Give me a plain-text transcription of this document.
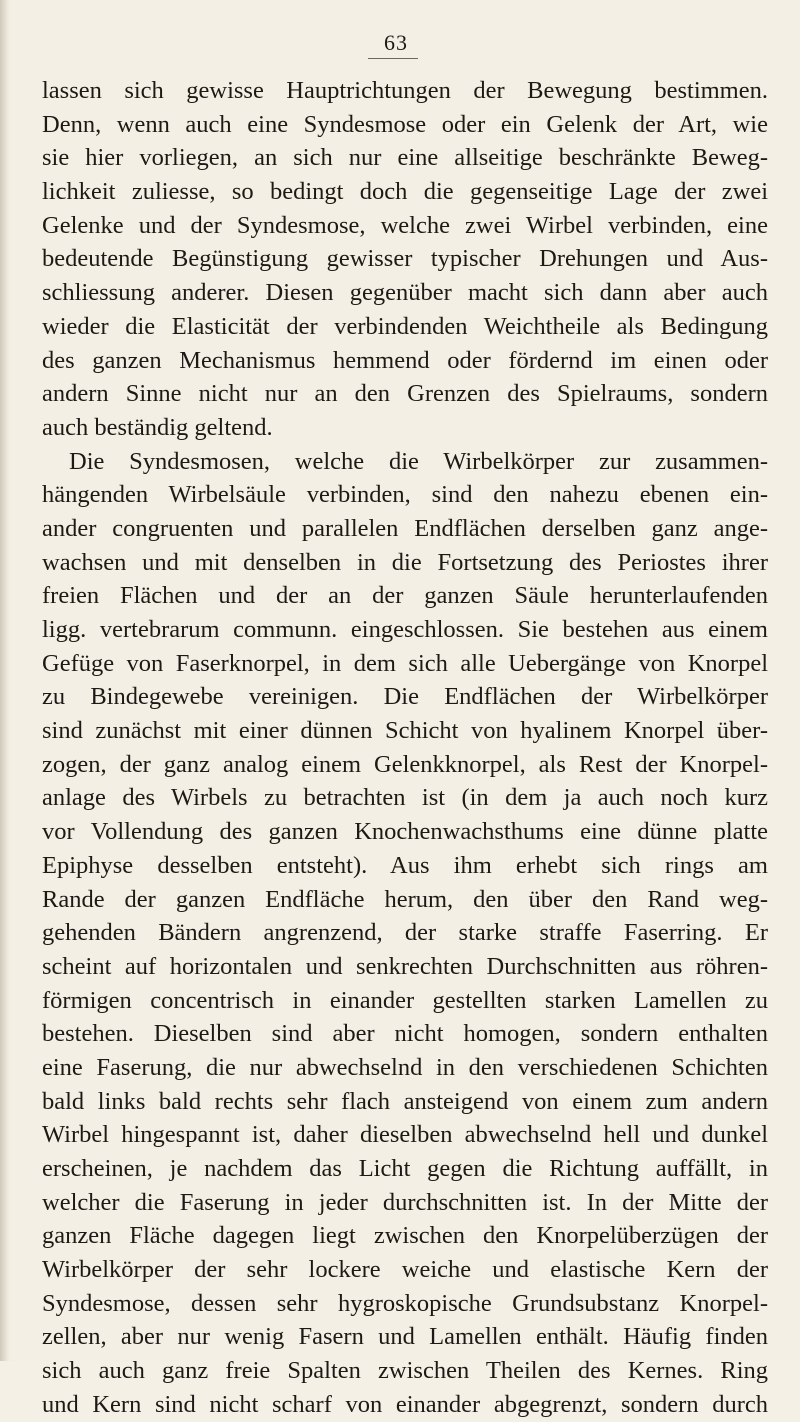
63
lassen sich gewisse Hauptrichtungen der Bewegung bestimmen.
Denn, wenn auch eine Syndesmose oder ein Gelenk der Art, wie
sie hier vorliegen, an sich nur eine allseitige beschränkte Beweg-
lichkeit zuliesse, so bedingt doch die gegenseitige Lage der zwei
Gelenke und der Syndesmose, welche zwei Wirbel verbinden, eine
bedeutende Begünstigung gewisser typischer Drehungen und Aus-
schliessung anderer. Diesen gegenüber macht sich dann aber auch
wieder die Elasticität der verbindenden Weichtheile als Bedingung
des ganzen Mechanismus hemmend oder fördernd im einen oder
andern Sinne nicht nur an den Grenzen des Spielraums, sondern
auch beständig geltend.
Die Syndesmosen, welche die Wirbelkörper zur zusammen-
hängenden Wirbelsäule verbinden, sind den nahezu ebenen ein-
ander congruenten und parallelen Endflächen derselben ganz ange-
wachsen und mit denselben in die Fortsetzung des Periostes ihrer
freien Flächen und der an der ganzen Säule herunterlaufenden
ligg. vertebrarum communn. eingeschlossen. Sie bestehen aus einem
Gefüge von Faserknorpel, in dem sich alle Uebergänge von Knorpel
zu Bindegewebe vereinigen. Die Endflächen der Wirbelkörper
sind zunächst mit einer dünnen Schicht von hyalinem Knorpel über-
zogen, der ganz analog einem Gelenkknorpel, als Rest der Knorpel-
anlage des Wirbels zu betrachten ist (in dem ja auch noch kurz
vor Vollendung des ganzen Knochenwachsthums eine dünne platte
Epiphyse desselben entsteht). Aus ihm erhebt sich rings am
Rande der ganzen Endfläche herum, den über den Rand weg-
gehenden Bändern angrenzend, der starke straffe Faserring. Er
scheint auf horizontalen und senkrechten Durchschnitten aus röhren-
förmigen concentrisch in einander gestellten starken Lamellen zu
bestehen. Dieselben sind aber nicht homogen, sondern enthalten
eine Faserung, die nur abwechselnd in den verschiedenen Schichten
bald links bald rechts sehr flach ansteigend von einem zum andern
Wirbel hingespannt ist, daher dieselben abwechselnd hell und dunkel
erscheinen, je nachdem das Licht gegen die Richtung auffällt, in
welcher die Faserung in jeder durchschnitten ist. In der Mitte der
ganzen Fläche dagegen liegt zwischen den Knorpelüberzügen der
Wirbelkörper der sehr lockere weiche und elastische Kern der
Syndesmose, dessen sehr hygroskopische Grundsubstanz Knorpel-
zellen, aber nur wenig Fasern und Lamellen enthält. Häufig finden
sich auch ganz freie Spalten zwischen Theilen des Kernes. Ring
und Kern sind nicht scharf von einander abgegrenzt, sondern durch
